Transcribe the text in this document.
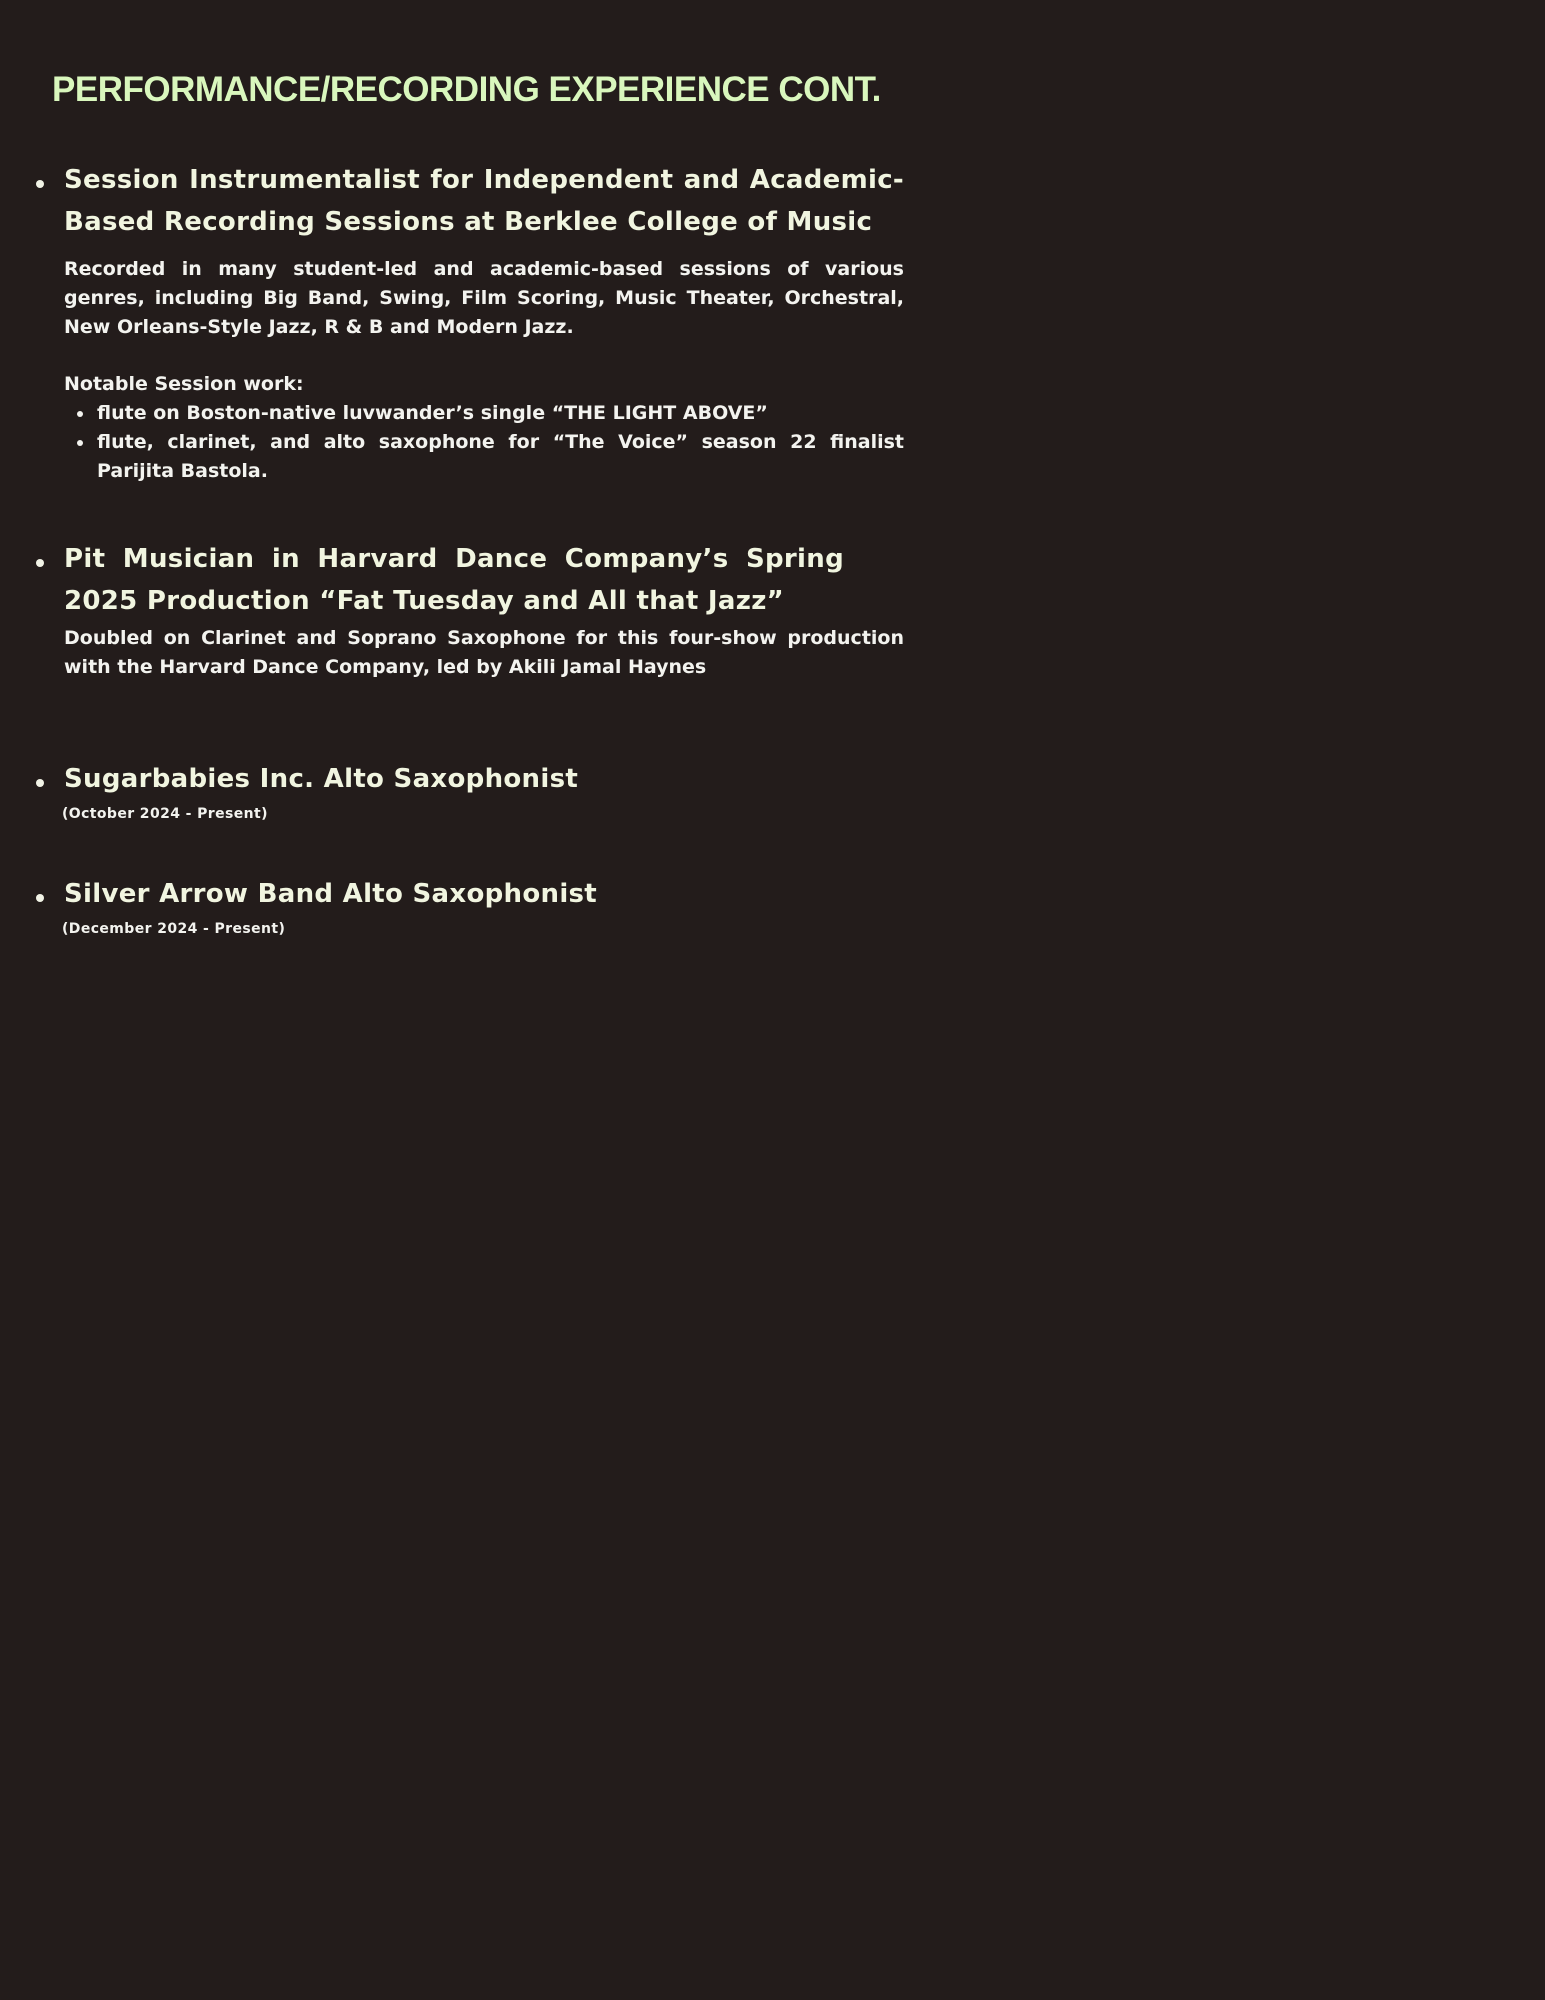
PERFORMANCE/RECORDING EXPERIENCE CONT.
Session Instrumentalist for Independent and Academic-Based Recording Sessions at Berklee College of Music

Recorded in many student-led and academic-based sessions of various genres, including Big Band, Swing, Film Scoring, Music Theater, Orchestral, New Orleans-Style Jazz, R & B and Modern Jazz.

Notable Session work:

flute on Boston-native luvwander’s single “THE LIGHT ABOVE”
flute, clarinet, and alto saxophone for “The Voice” season 22 finalist Parijita Bastola.
Pit Musician in Harvard Dance Company’s Spring 2025 Production “Fat Tuesday and All that Jazz”

Doubled on Clarinet and Soprano Saxophone for this four-show production with the Harvard Dance Company, led by Akili Jamal Haynes

Sugarbabies Inc. Alto Saxophonist

(October 2024 - Present)

Silver Arrow Band Alto Saxophonist

(December 2024 - Present)
